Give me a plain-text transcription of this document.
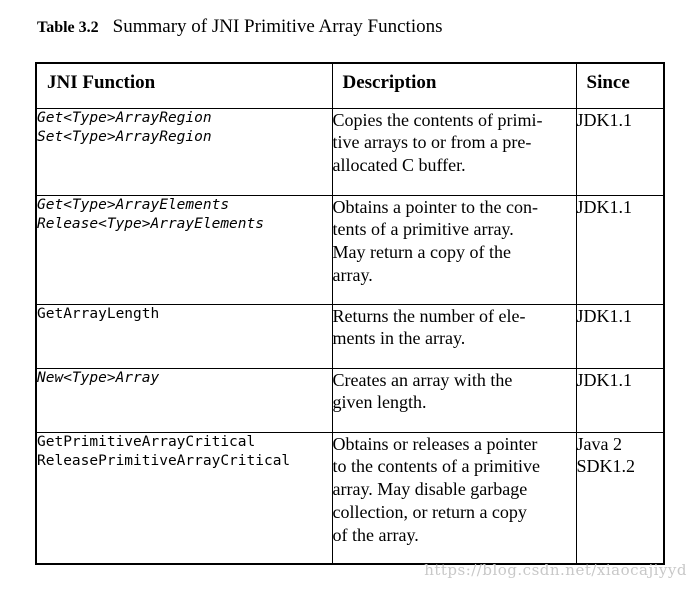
Table 3.2 Summary of JNI Primitive Array Functions
JNI Function	Description	Since

Get<Type>ArrayRegion
Set<Type>ArrayRegion	Copies the contents of primi-
tive arrays to or from a pre-
allocated C buffer.	JDK1.1

Get<Type>ArrayElements
Release<Type>ArrayElements	Obtains a pointer to the con-
tents of a primitive array.
May return a copy of the
array.	JDK1.1

GetArrayLength	Returns the number of ele-
ments in the array.	JDK1.1

New<Type>Array	Creates an array with the
given length.	JDK1.1

GetPrimitiveArrayCritical
ReleasePrimitiveArrayCritical	Obtains or releases a pointer
to the contents of a primitive
array. May disable garbage
collection, or return a copy
of the array.	Java 2
SDK1.2
https://blog.csdn.net/xiaocajiyyd
